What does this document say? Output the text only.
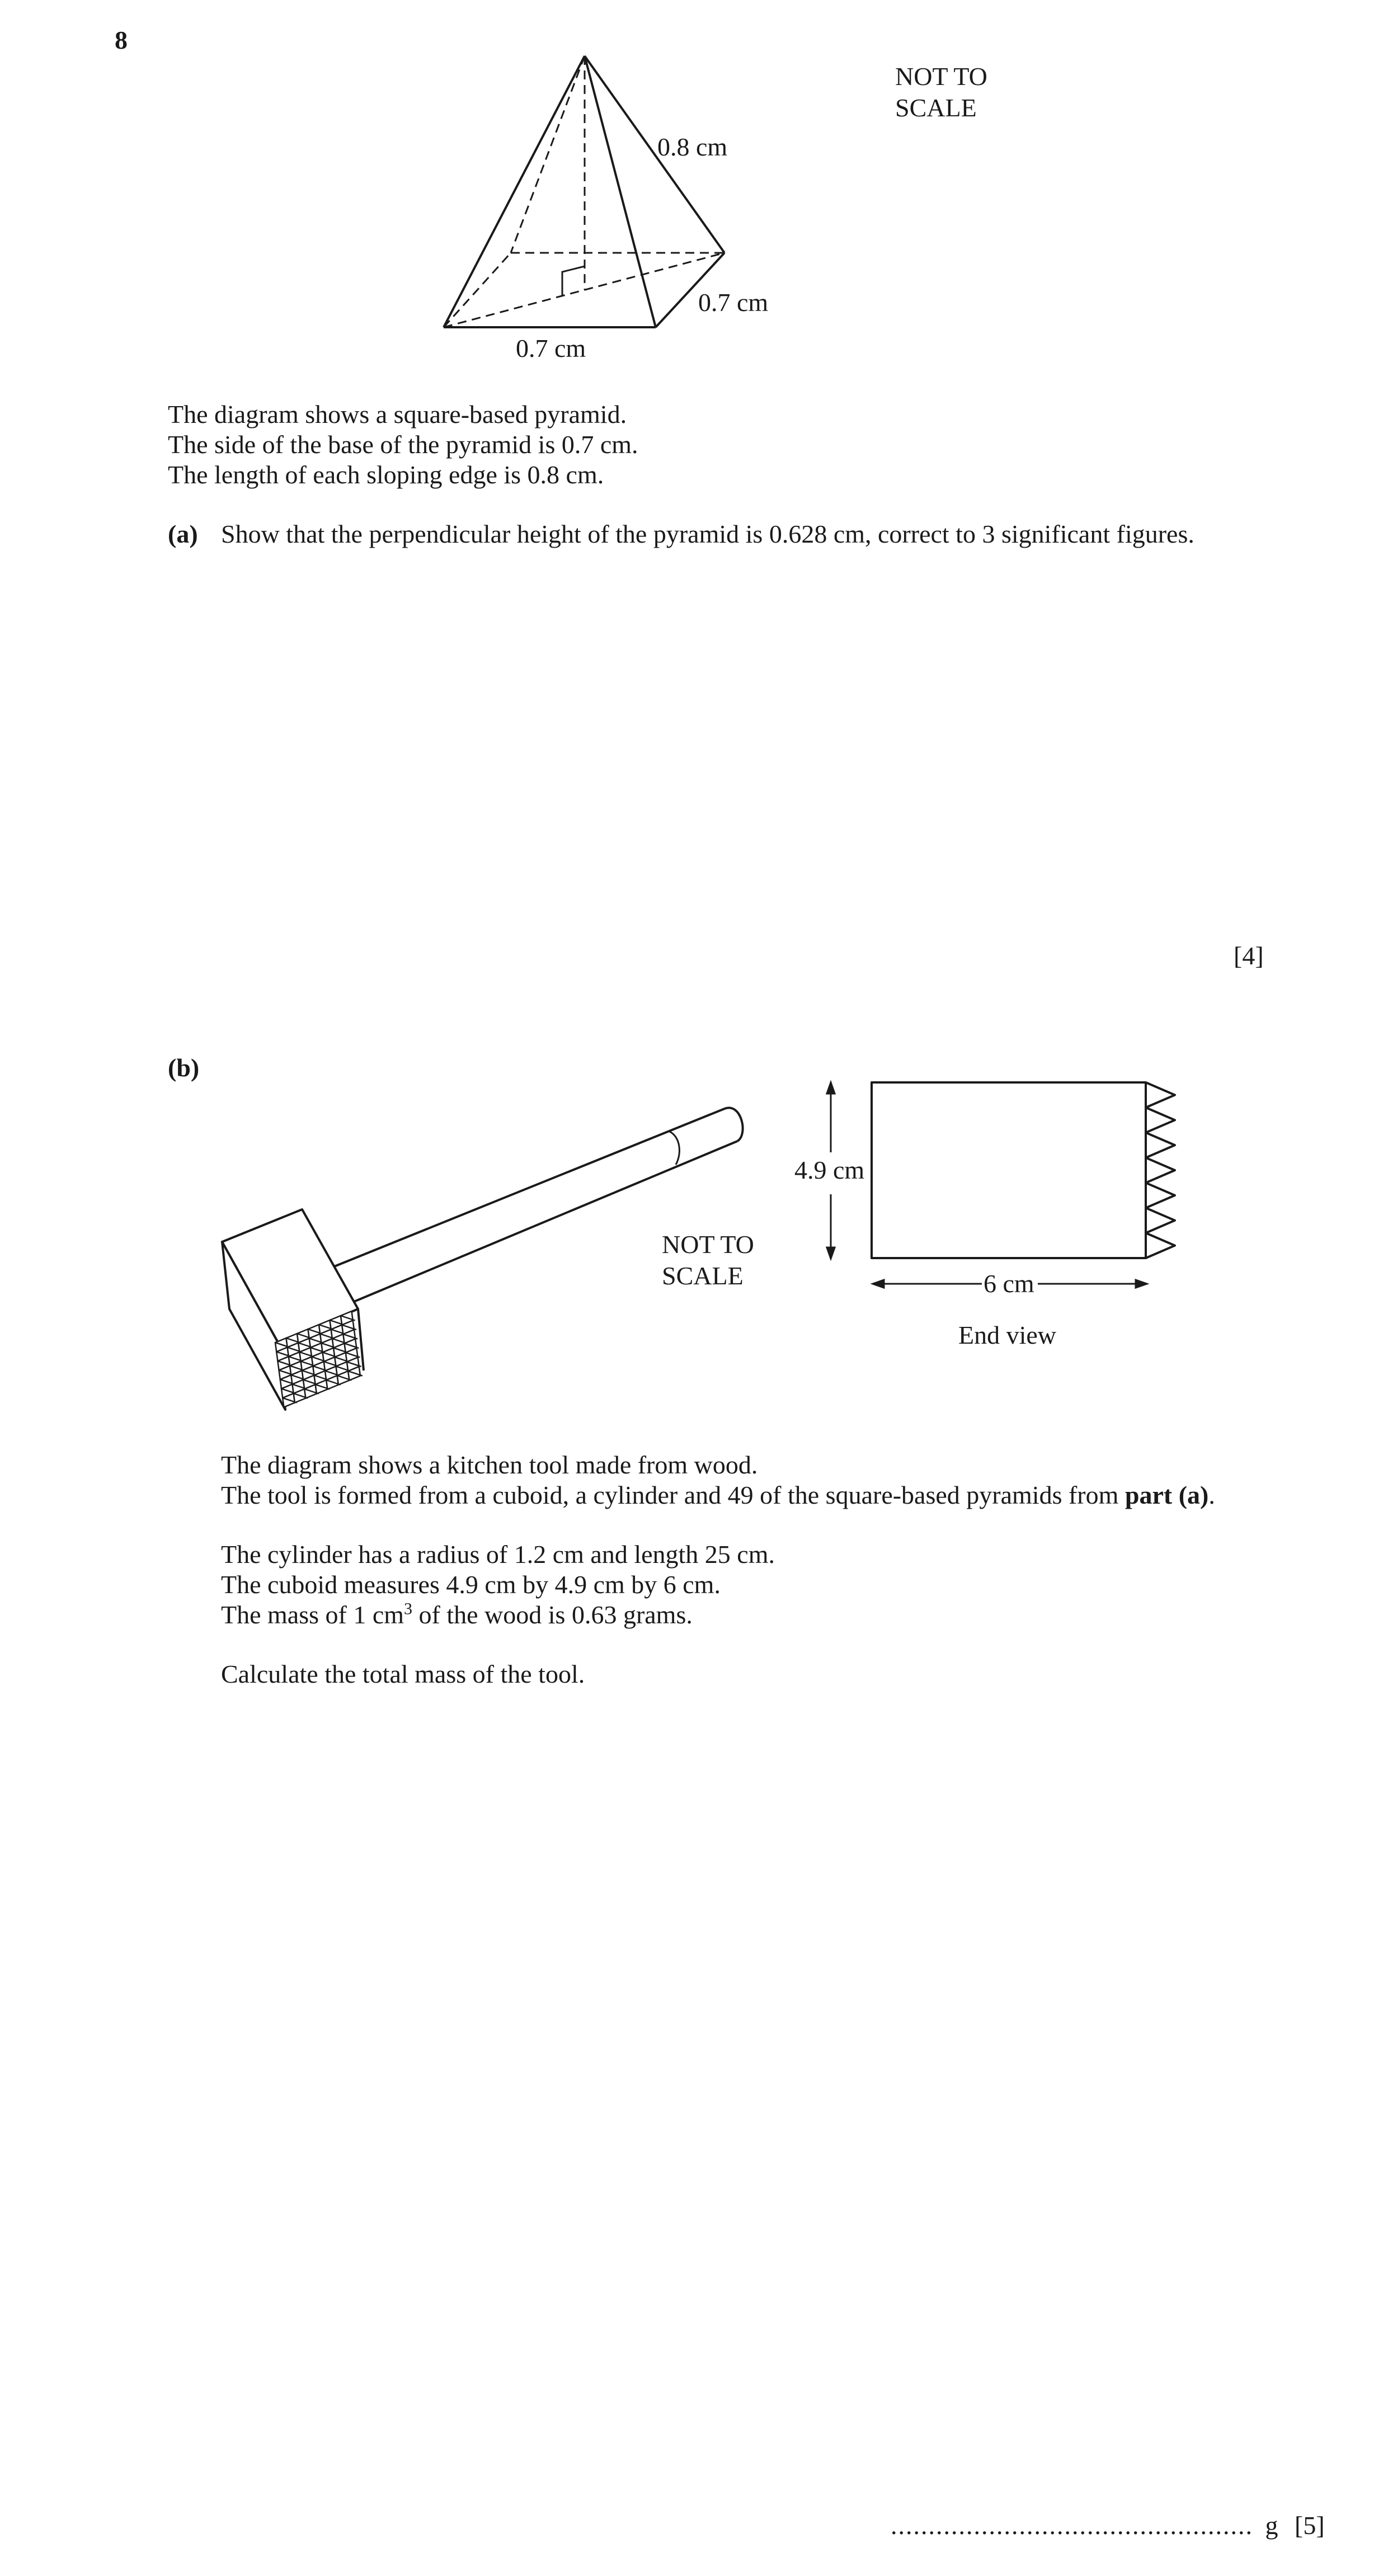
8
0.8 cm
0.7 cm
0.7 cm
NOT TO
SCALE
The diagram shows a square-based pyramid.
The side of the base of the pyramid is 0.7 cm.
The length of each sloping edge is 0.8 cm.
(a) Show that the perpendicular height of the pyramid is 0.628 cm, correct to 3 significant figures.
[4]
(b)
4.9 cm
6 cm
End view
NOT TO
SCALE
The diagram shows a kitchen tool made from wood.
The tool is formed from a cuboid, a cylinder and 49 of the square-based pyramids from part (a).
The cylinder has a radius of 1.2 cm and length 25 cm.
The cuboid measures 4.9 cm by 4.9 cm by 6 cm.
The mass of 1 $cm^3$ of the wood is 0.63 grams.
Calculate the total mass of the tool.
................................................ g [5]
